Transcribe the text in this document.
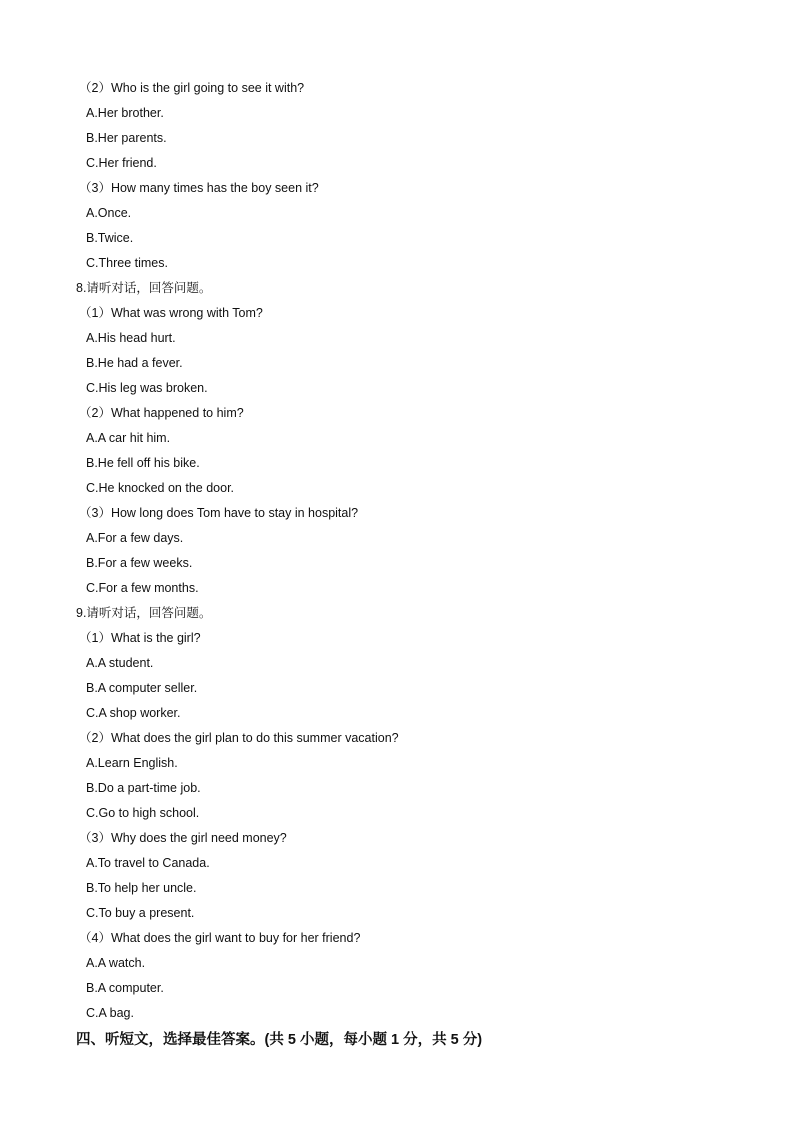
（2）Who is the girl going to see it with?
A.Her brother.
B.Her parents.
C.Her friend.
（3）How many times has the boy seen it?
A.Once.
B.Twice.
C.Three times.
8.请听对话，回答问题。
（1）What was wrong with Tom?
A.His head hurt.
B.He had a fever.
C.His leg was broken.
（2）What happened to him?
A.A car hit him.
B.He fell off his bike.
C.He knocked on the door.
（3）How long does Tom have to stay in hospital?
A.For a few days.
B.For a few weeks.
C.For a few months.
9.请听对话，回答问题。
（1）What is the girl?
A.A student.
B.A computer seller.
C.A shop worker.
（2）What does the girl plan to do this summer vacation?
A.Learn English.
B.Do a part-time job.
C.Go to high school.
（3）Why does the girl need money?
A.To travel to Canada.
B.To help her uncle.
C.To buy a present.
（4）What does the girl want to buy for her friend?
A.A watch.
B.A computer.
C.A bag.
四、听短文，选择最佳答案。(共 5 小题，每小题 1 分，共 5 分)
